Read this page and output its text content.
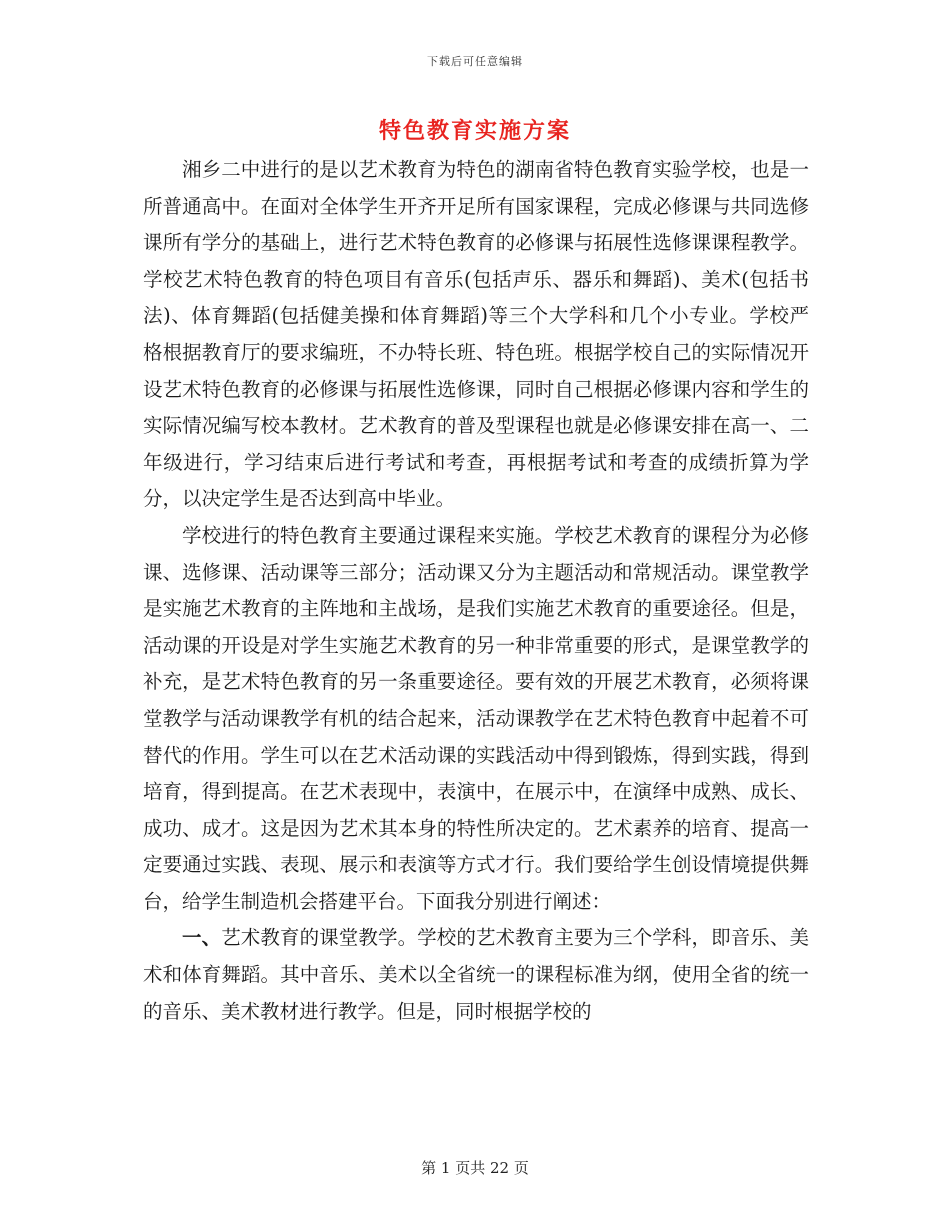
下载后可任意编辑
特色教育实施方案

湘乡二中进行的是以艺术教育为特色的湖南省特色教育实验学校，也是一所普通高中。在面对全体学生开齐开足所有国家课程，完成必修课与共同选修课所有学分的基础上，进行艺术特色教育的必修课与拓展性选修课课程教学。学校艺术特色教育的特色项目有音乐(包括声乐、器乐和舞蹈)、美术(包括书法)、体育舞蹈(包括健美操和体育舞蹈)等三个大学科和几个小专业。学校严格根据教育厅的要求编班，不办特长班、特色班。根据学校自己的实际情况开设艺术特色教育的必修课与拓展性选修课，同时自己根据必修课内容和学生的实际情况编写校本教材。艺术教育的普及型课程也就是必修课安排在高一、二年级进行，学习结束后进行考试和考查，再根据考试和考查的成绩折算为学分，以决定学生是否达到高中毕业。

学校进行的特色教育主要通过课程来实施。学校艺术教育的课程分为必修课、选修课、活动课等三部分；活动课又分为主题活动和常规活动。课堂教学是实施艺术教育的主阵地和主战场，是我们实施艺术教育的重要途径。但是，活动课的开设是对学生实施艺术教育的另一种非常重要的形式，是课堂教学的补充，是艺术特色教育的另一条重要途径。要有效的开展艺术教育，必须将课堂教学与活动课教学有机的结合起来，活动课教学在艺术特色教育中起着不可替代的作用。学生可以在艺术活动课的实践活动中得到锻炼，得到实践，得到培育，得到提高。在艺术表现中，表演中，在展示中，在演绎中成熟、成长、成功、成才。这是因为艺术其本身的特性所决定的。艺术素养的培育、提高一定要通过实践、表现、展示和表演等方式才行。我们要给学生创设情境提供舞台，给学生制造机会搭建平台。下面我分别进行阐述：

一、艺术教育的课堂教学。学校的艺术教育主要为三个学科，即音乐、美术和体育舞蹈。其中音乐、美术以全省统一的课程标准为纲，使用全省的统一的音乐、美术教材进行教学。但是，同时根据学校的

第 1 页共 22 页
